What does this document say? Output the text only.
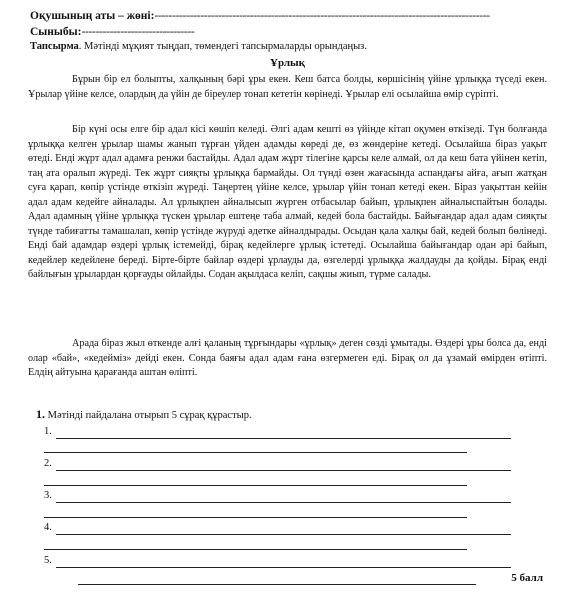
Оқушының аты – жөні:-----------------------------------------------------------------------------------------------
Сыныбы:--------------------------------
Тапсырма. Мәтінді мұқият тыңдап, төмендегі тапсырмаларды орындаңыз.
Ұрлық

Бұрын бір ел болыпты, халқының бәрі ұры екен. Кеш батса болды, көршісінің үйіне ұрлыққа түседі екен. Ұрылар үйіне келсе, олардың да үйін де біреулер тонап кететін көрінеді. Ұрылар елі осылайша өмір сүріпті.

Бір күні осы елге бір адал кісі көшіп келеді. Әлгі адам кешті өз үйінде кітап оқумен өткізеді. Түн болғанда ұрлыққа келген ұрылар шамы жанып тұрған үйден адамды көреді де, өз жөндеріне кетеді. Осылайша біраз уақыт өтеді. Енді жұрт адал адамға ренжи бастайды. Адал адам жұрт тілегіне қарсы келе алмай, ол да кеш бата үйінен кетіп, таң ата оралып жүреді. Тек жұрт сияқты ұрлыққа бармайды. Ол түнді өзен жағасында аспандағы айға, ағып жатқан суға қарап, көпір үстінде өткізіп жүреді. Таңертең үйіне келсе, ұрылар үйін тонап кетеді екен. Біраз уақыттан кейін адал адам кедейге айналады. Ал ұрлықпен айналысып жүрген отбасылар байып, ұрлықпен айналыспайтын болады. Адал адамның үйіне ұрлыққа түскен ұрылар ештеңе таба алмай, кедей бола бастайды. Байығандар адал адам сияқты түнде табиғатты тамашалап, көпір үстінде жүруді әдетке айналдырады. Осыдан қала халқы бай, кедей болып бөлінеді. Енді бай адамдар өздері ұрлық істемейді, бірақ кедейлерге ұрлық істетеді. Осылайша байығандар одан әрі байып, кедейлер кедейлене береді. Бірте-бірте байлар өздері ұрлауды да, өзгелерді ұрлыққа жалдауды да қойды. Бірақ енді байлығын ұрылардан қорғауды ойлайды. Содан ақылдаса келіп, сақшы жиып, түрме салады.

Арада біраз жыл өткенде алғі қаланың тұрғындары «ұрлық» деген сөзді ұмытады. Өздері ұры болса да, енді олар «бай», «кедейміз» дейді екен. Сонда баяғы адал адам ғана өзгермеген еді. Бірақ ол да ұзамай өмірден өтіпті. Елдің айтуына қарағанда аштан өліпті.

1. Мәтінді пайдалана отырып 5 сұрақ құрастыр.
1.
2.
3.
4.
5.
5 балл
